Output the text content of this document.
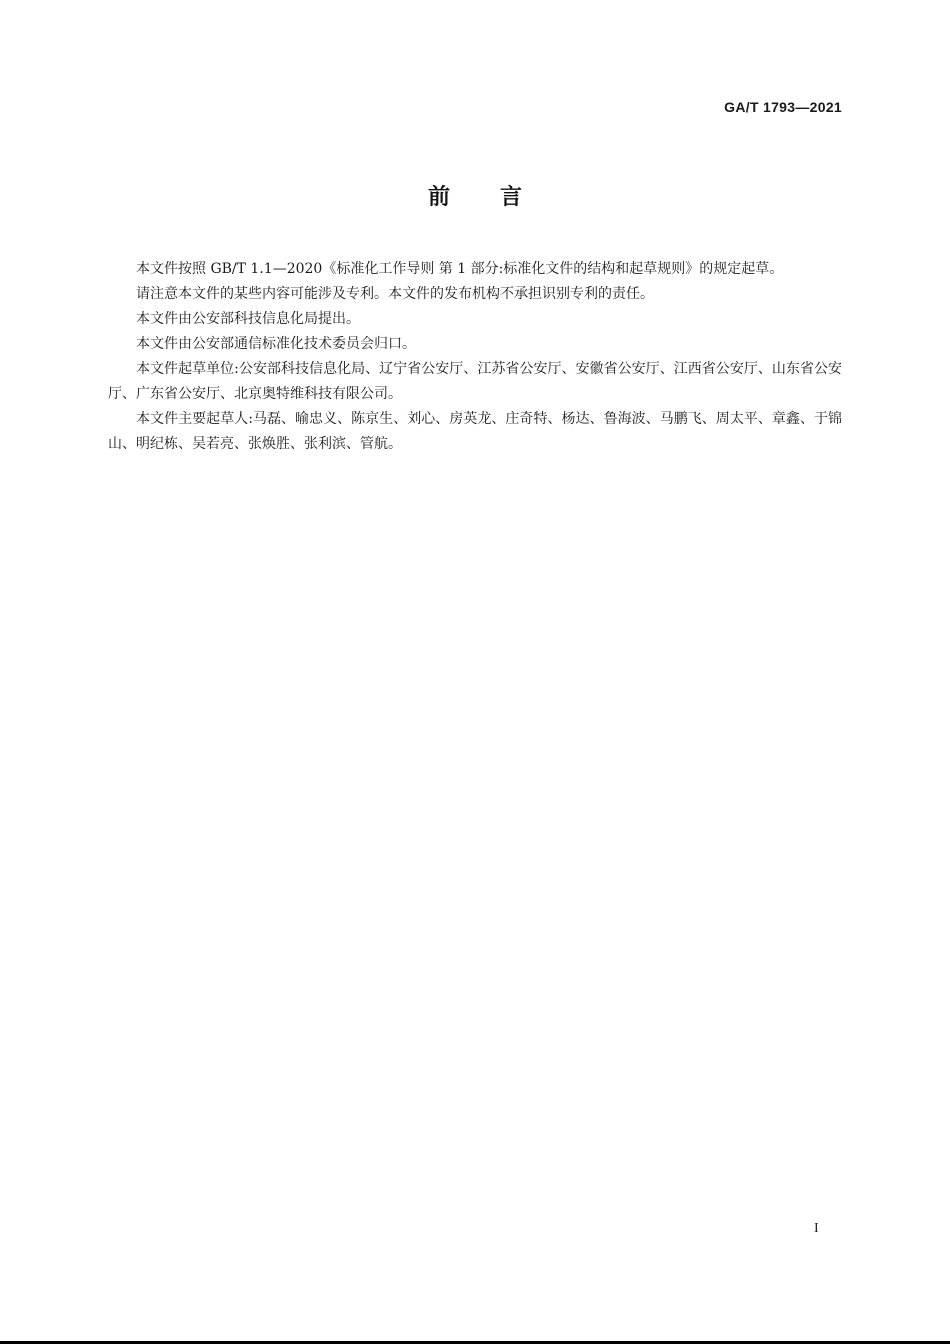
GA/T 1793—2021
前言

本文件按照 GB/T 1.1—2020《标准化工作导则 第 1 部分:标准化文件的结构和起草规则》的规定起草。

请注意本文件的某些内容可能涉及专利。本文件的发布机构不承担识别专利的责任。

本文件由公安部科技信息化局提出。

本文件由公安部通信标准化技术委员会归口。

本文件起草单位:公安部科技信息化局、辽宁省公安厅、江苏省公安厅、安徽省公安厅、江西省公安厅、山东省公安厅、广东省公安厅、北京奥特维科技有限公司。

本文件主要起草人:马磊、喻忠义、陈京生、刘心、房英龙、庄奇特、杨达、鲁海波、马鹏飞、周太平、章鑫、于锦山、明纪栋、吴若亮、张焕胜、张利滨、管航。

I
